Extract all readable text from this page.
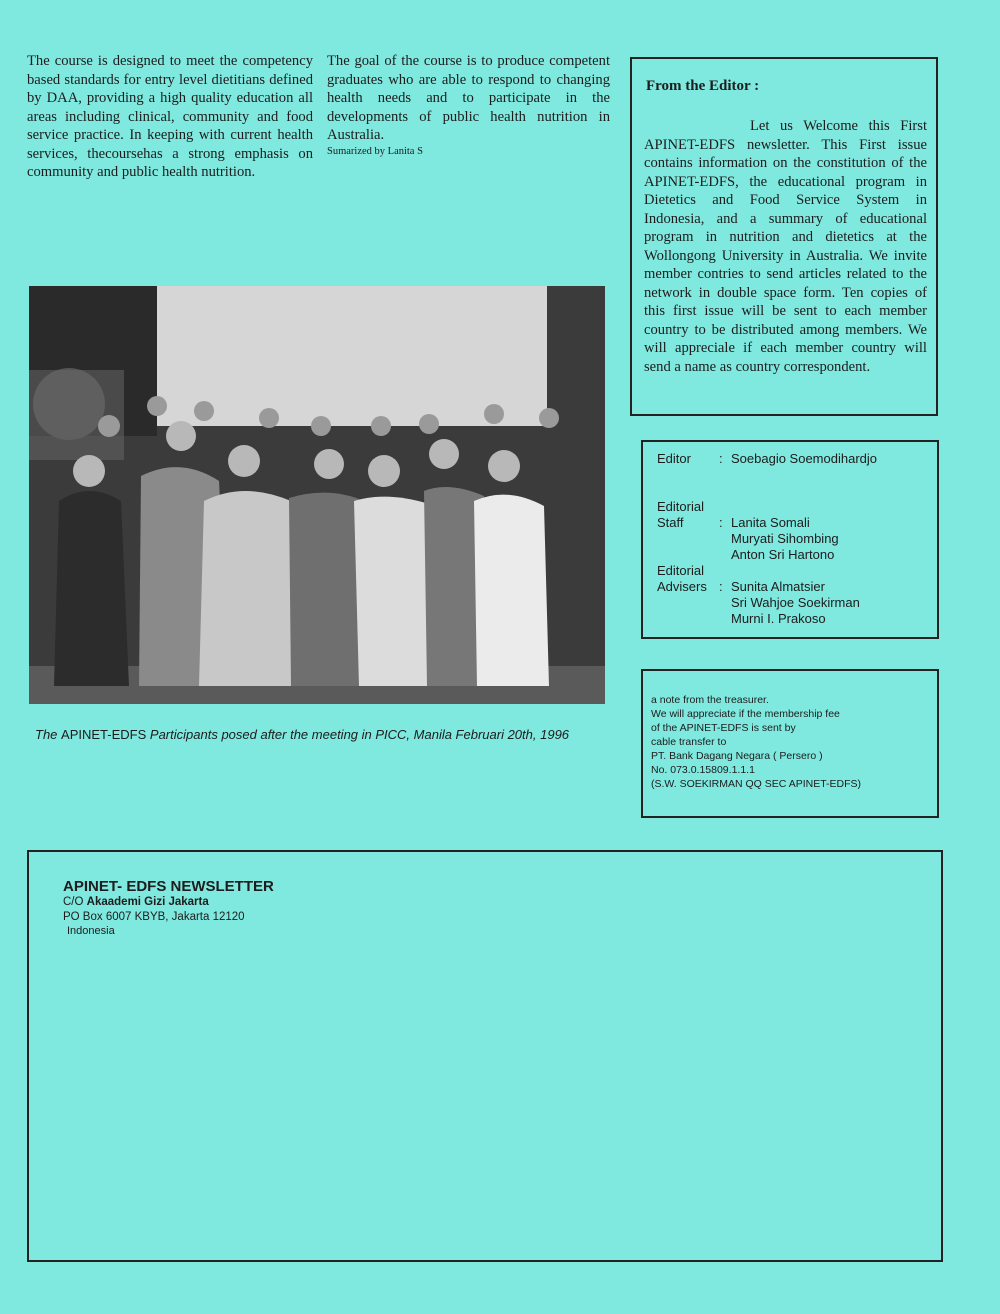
The course is designed to meet the competency based standards for entry level dietitians defined by DAA, providing a high quality education all areas including clinical, community and food service practice. In keeping with current health services, thecoursehas a strong emphasis on community and public health nutrition.
The goal of the course is to produce competent graduates who are able to respond to changing health needs and to participate in the developments of public health nutrition in Australia.
Sumarized by Lanita S
From the Editor :
Let us Welcome this First APINET-EDFS newsletter. This First issue contains information on the constitution of the APINET-EDFS, the educational program in Dietetics and Food Service System in Indonesia, and a summary of educational program in nutrition and dietetics at the Wollongong University in Australia. We invite member contries to send articles related to the network in double space form. Ten copies of this first issue will be sent to each member country to be distributed among members. We will appreciale if each member country will send a name as country correspondent.
Editor : Soebagio Soemodihardjo
Editorial
Staff	: Lanita Somali
Muryati Sihombing
Anton Sri Hartono
Editorial
Advisers : Sunita Almatsier
Sri Wahjoe Soekirman
Murni I. Prakoso
a note from the treasurer.
We will appreciate if the membership fee
of the APINET-EDFS is sent by
cable transfer to
PT. Bank Dagang Negara ( Persero )
No. 073.0.15809.1.1.1
(S.W. SOEKIRMAN QQ SEC APINET-EDFS)
The APINET-EDFS Participants posed after the meeting in PICC, Manila Februari 20th, 1996
APINET- EDFS NEWSLETTER
C/O Akaademi Gizi Jakarta
PO Box 6007 KBYB, Jakarta 12120
Indonesia
